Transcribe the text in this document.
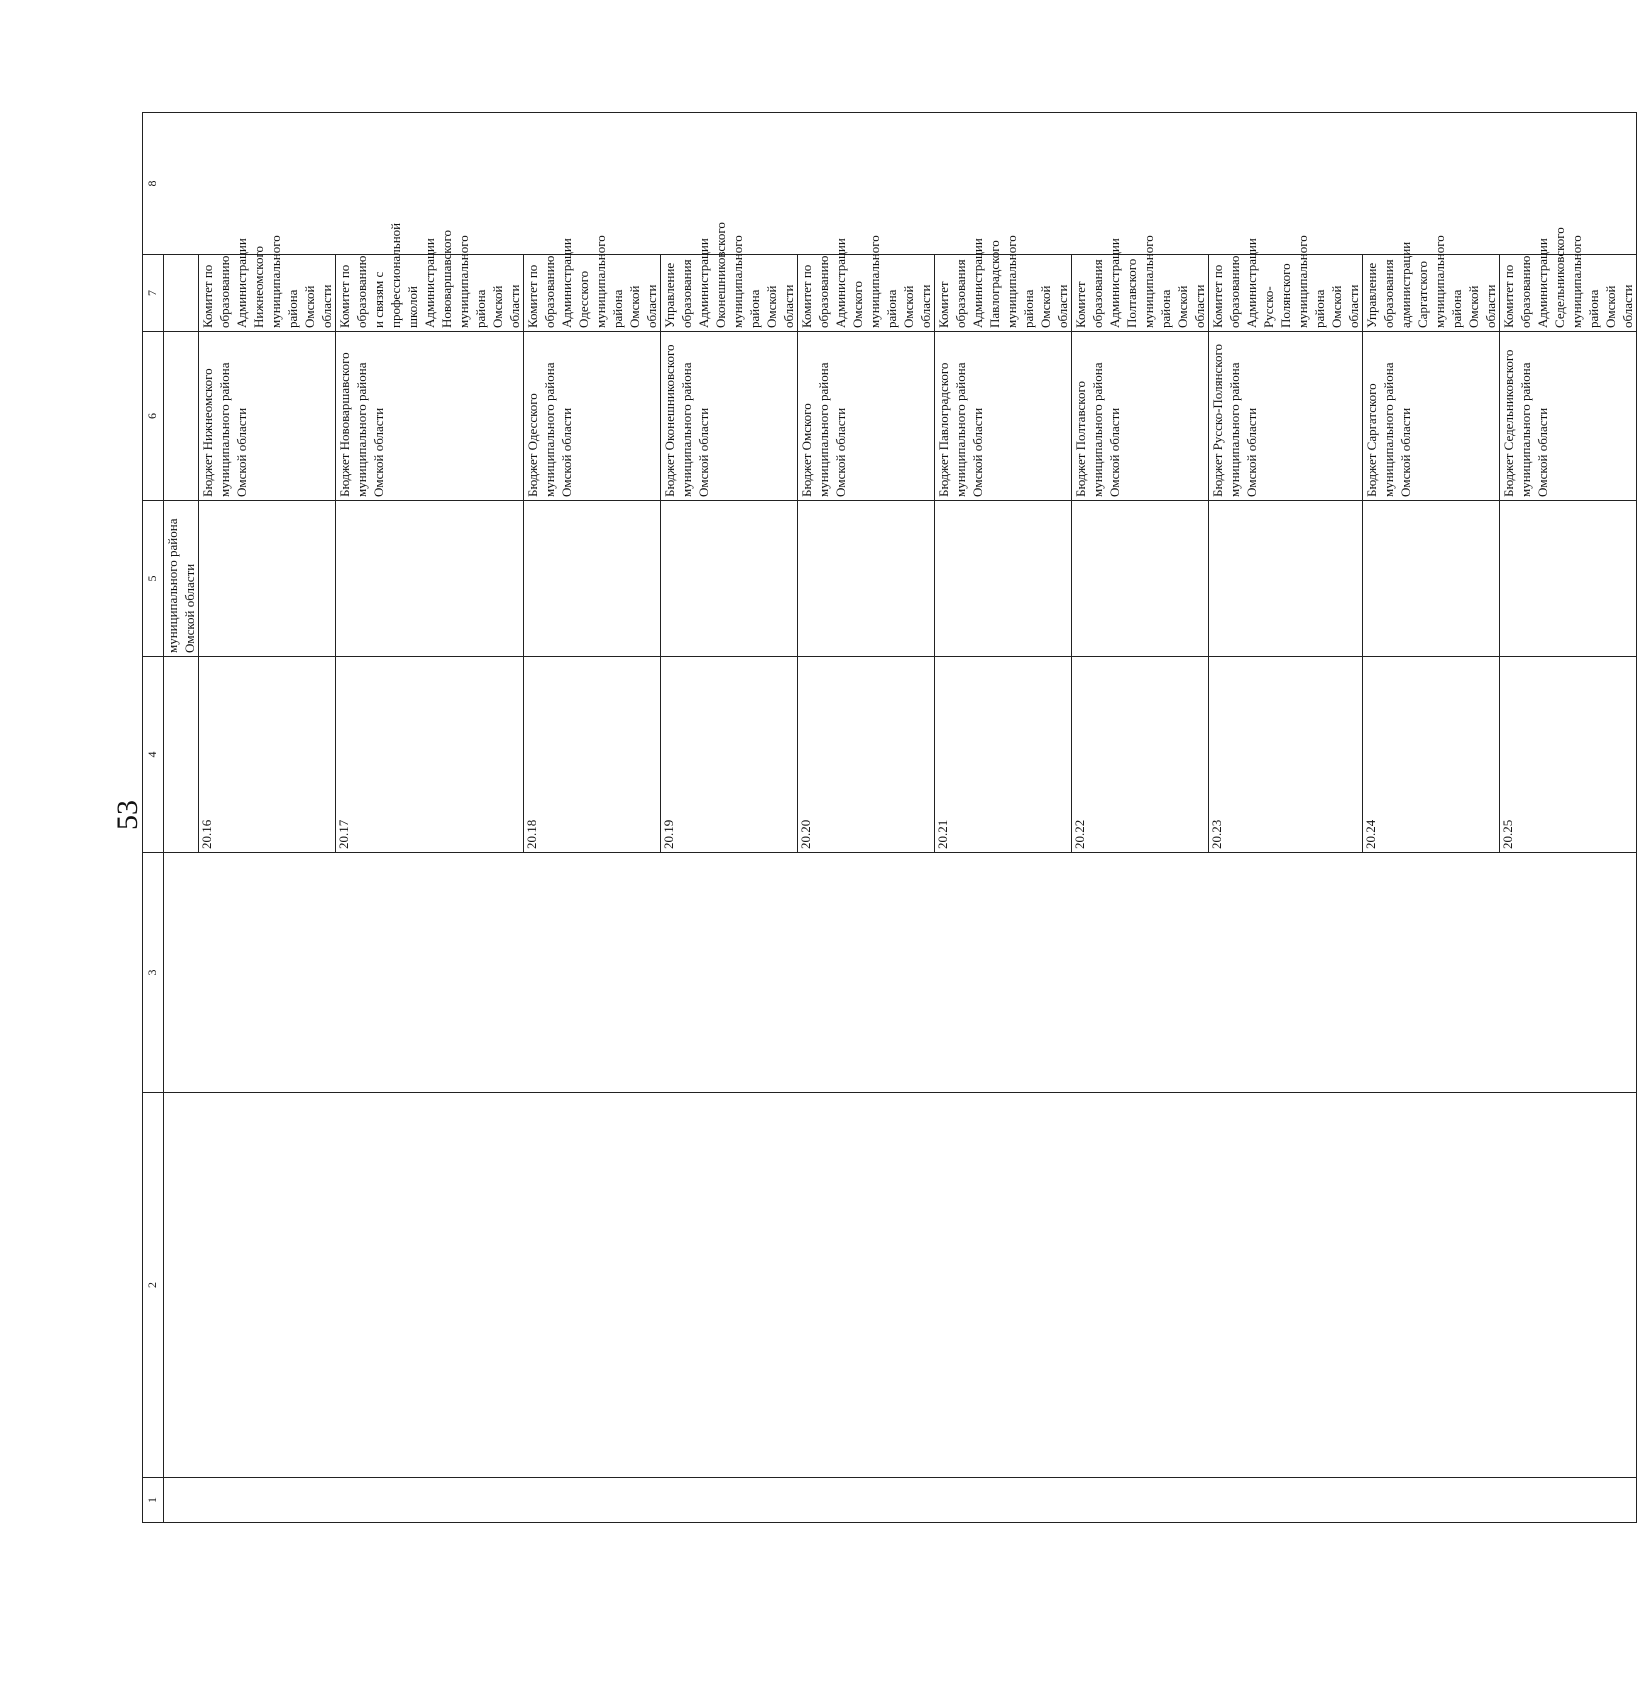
53
1	2	3	4	5	6	7	8	
				муниципального района Омской области				
			20.16		Бюджет Нижнеомского муниципального района Омской области	Комитет по образованию Администрации Нижнеомского муниципального района Омской области	
			20.17		Бюджет Нововаршавского муниципального района Омской области	Комитет по образованию и связям с профессиональной школой Администрации Нововаршавского муниципального района Омской области	
			20.18		Бюджет Одесского муниципального района Омской области	Комитет по образованию Администрации Одесского муниципального района Омской области	
			20.19		Бюджет Оконешниковского муниципального района Омской области	Управление образования Администрации Оконешниковского муниципального района Омской области	
			20.20		Бюджет Омского муниципального района Омской области	Комитет по образованию Администрации Омского муниципального района Омской области	
			20.21		Бюджет Павлоградского муниципального района Омской области	Комитет образования Администрации Павлоградского муниципального района Омской области	
			20.22		Бюджет Полтавского муниципального района Омской области	Комитет образования Администрации Полтавского муниципального района Омской области	
			20.23		Бюджет Русско-Полянского муниципального района Омской области	Комитет по образованию Администрации Русско-Полянского муниципального района Омской области	
			20.24		Бюджет Саргатского муниципального района Омской области	Управление образования администрации Саргатского муниципального района Омской области	
			20.25		Бюджет Седельниковского муниципального района Омской области	Комитет по образованию Администрации Седельниковского муниципального района Омской области	
